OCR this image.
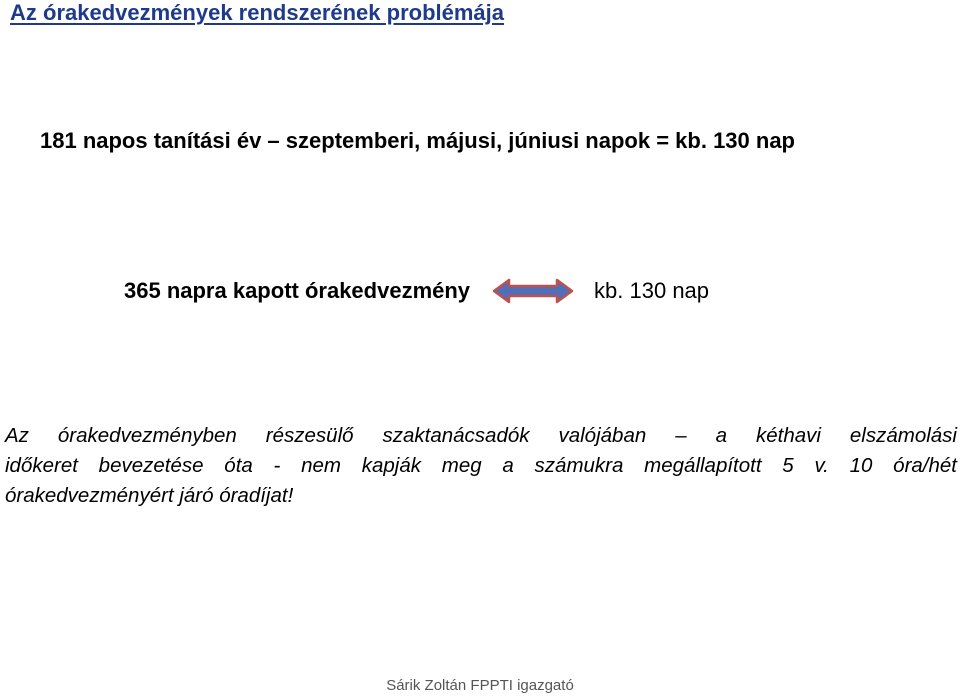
Az órakedvezmények rendszerének problémája
181 napos tanítási év – szeptemberi, májusi, júniusi napok = kb. 130 nap
365 napra kapott órakedvezmény	kb. 130 nap
Az órakedvezményben részesülő szaktanácsadók valójában – a kéthavi elszámolási
időkeret bevezetése óta - nem kapják meg a számukra megállapított 5 v. 10 óra/hét
órakedvezményért járó óradíjat!
Sárik Zoltán FPPTI igazgató
